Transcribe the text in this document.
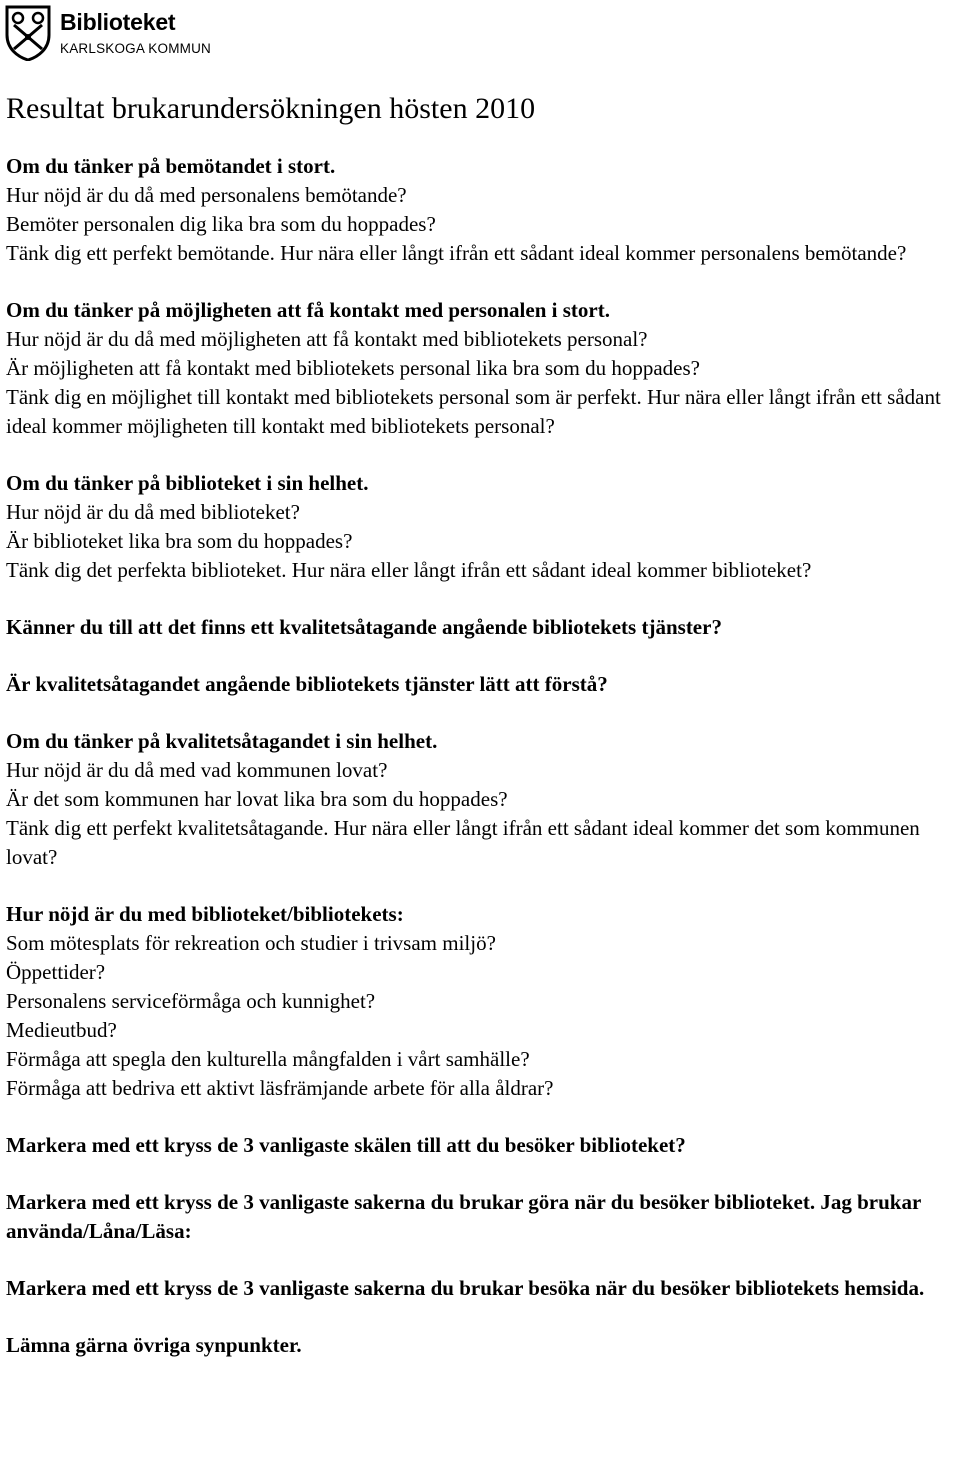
Biblioteket
KARLSKOGA KOMMUN
Resultat brukarundersökningen hösten 2010
Om du tänker på bemötandet i stort.
Hur nöjd är du då med personalens bemötande?
Bemöter personalen dig lika bra som du hoppades?
Tänk dig ett perfekt bemötande. Hur nära eller långt ifrån ett sådant ideal kommer personalens bemötande?
Om du tänker på möjligheten att få kontakt med personalen i stort.
Hur nöjd är du då med möjligheten att få kontakt med bibliotekets personal?
Är möjligheten att få kontakt med bibliotekets personal lika bra som du hoppades?
Tänk dig en möjlighet till kontakt med bibliotekets personal som är perfekt. Hur nära eller långt ifrån ett sådant ideal kommer möjligheten till kontakt med bibliotekets personal?
Om du tänker på biblioteket i sin helhet.
Hur nöjd är du då med biblioteket?
Är biblioteket lika bra som du hoppades?
Tänk dig det perfekta biblioteket. Hur nära eller långt ifrån ett sådant ideal kommer biblioteket?
Känner du till att det finns ett kvalitetsåtagande angående bibliotekets tjänster?
Är kvalitetsåtagandet angående bibliotekets tjänster lätt att förstå?
Om du tänker på kvalitetsåtagandet i sin helhet.
Hur nöjd är du då med vad kommunen lovat?
Är det som kommunen har lovat lika bra som du hoppades?
Tänk dig ett perfekt kvalitetsåtagande. Hur nära eller långt ifrån ett sådant ideal kommer det som kommunen lovat?
Hur nöjd är du med biblioteket/bibliotekets:
Som mötesplats för rekreation och studier i trivsam miljö?
Öppettider?
Personalens serviceförmåga och kunnighet?
Medieutbud?
Förmåga att spegla den kulturella mångfalden i vårt samhälle?
Förmåga att bedriva ett aktivt läsfrämjande arbete för alla åldrar?
Markera med ett kryss de 3 vanligaste skälen till att du besöker biblioteket?
Markera med ett kryss de 3 vanligaste sakerna du brukar göra när du besöker biblioteket. Jag brukar använda/Låna/Läsa:
Markera med ett kryss de 3 vanligaste sakerna du brukar besöka när du besöker bibliotekets hemsida.
Lämna gärna övriga synpunkter.
